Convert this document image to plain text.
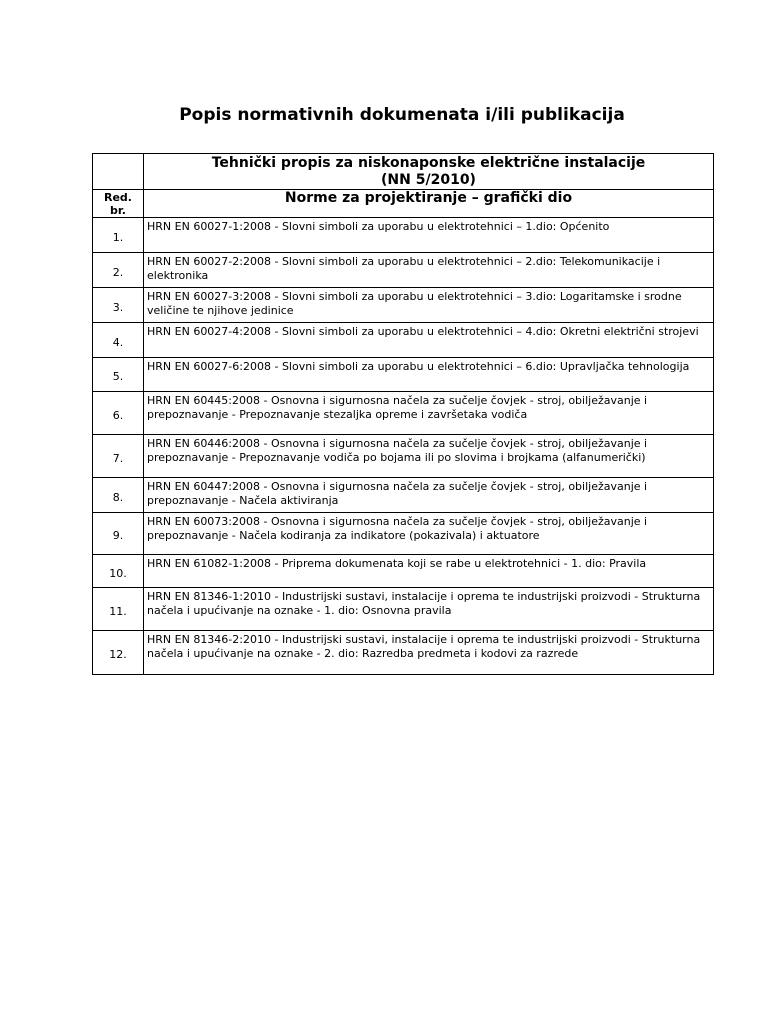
Popis normativnih dokumenata i/ili publikacija

	Tehnički propis za niskonaponske električne instalacije
(NN 5/2010)

Red.
br.	Norme za projektiranje – grafički dio
1.	HRN EN 60027-1:2008 - Slovni simboli za uporabu u elektrotehnici – 1.dio: Općenito
2.	HRN EN 60027-2:2008 - Slovni simboli za uporabu u elektrotehnici – 2.dio: Telekomunikacije i elektronika
3.	HRN EN 60027-3:2008 - Slovni simboli za uporabu u elektrotehnici – 3.dio: Logaritamske i srodne veličine te njihove jedinice
4.	HRN EN 60027-4:2008 - Slovni simboli za uporabu u elektrotehnici – 4.dio: Okretni električni strojevi
5.	HRN EN 60027-6:2008 - Slovni simboli za uporabu u elektrotehnici – 6.dio: Upravljačka tehnologija
6.	HRN EN 60445:2008 - Osnovna i sigurnosna načela za sučelje čovjek - stroj, obilježavanje i prepoznavanje - Prepoznavanje stezaljka opreme i završetaka vodiča
7.	HRN EN 60446:2008 - Osnovna i sigurnosna načela za sučelje čovjek - stroj, obilježavanje i prepoznavanje - Prepoznavanje vodiča po bojama ili po slovima i brojkama (alfanumerički)
8.	HRN EN 60447:2008 - Osnovna i sigurnosna načela za sučelje čovjek - stroj, obilježavanje i prepoznavanje - Načela aktiviranja
9.	HRN EN 60073:2008 - Osnovna i sigurnosna načela za sučelje čovjek - stroj, obilježavanje i prepoznavanje - Načela kodiranja za indikatore (pokazivala) i aktuatore
10.	HRN EN 61082-1:2008 - Priprema dokumenata koji se rabe u elektrotehnici - 1. dio: Pravila
11.	HRN EN 81346-1:2010 - Industrijski sustavi, instalacije i oprema te industrijski proizvodi - Strukturna načela i upućivanje na oznake - 1. dio: Osnovna pravila
12.	HRN EN 81346-2:2010 - Industrijski sustavi, instalacije i oprema te industrijski proizvodi - Strukturna načela i upućivanje na oznake - 2. dio: Razredba predmeta i kodovi za razrede
